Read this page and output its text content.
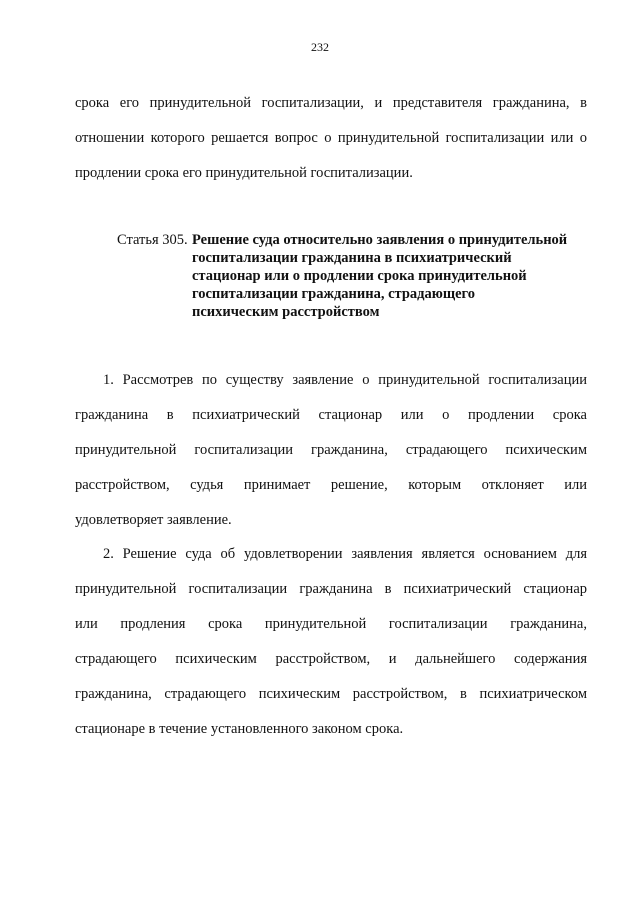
232
срока его принудительной госпитализации, и представителя гражданина, в
отношении которого решается вопрос о принудительной госпитализации или о
продлении срока его принудительной госпитализации.
Статья 305. Решение суда относительно заявления о принудительной
госпитализации гражданина в психиатрический
стационар или о продлении срока принудительной
госпитализации гражданина, страдающего
психическим расстройством
1. Рассмотрев по существу заявление о принудительной госпитализации
гражданина в психиатрический стационар или о продлении срока
принудительной госпитализации гражданина, страдающего психическим
расстройством, судья принимает решение, которым отклоняет или
удовлетворяет заявление.
2. Решение суда об удовлетворении заявления является основанием для
принудительной госпитализации гражданина в психиатрический стационар
или продления срока принудительной госпитализации гражданина,
страдающего психическим расстройством, и дальнейшего содержания
гражданина, страдающего психическим расстройством, в психиатрическом
стационаре в течение установленного законом срока.
